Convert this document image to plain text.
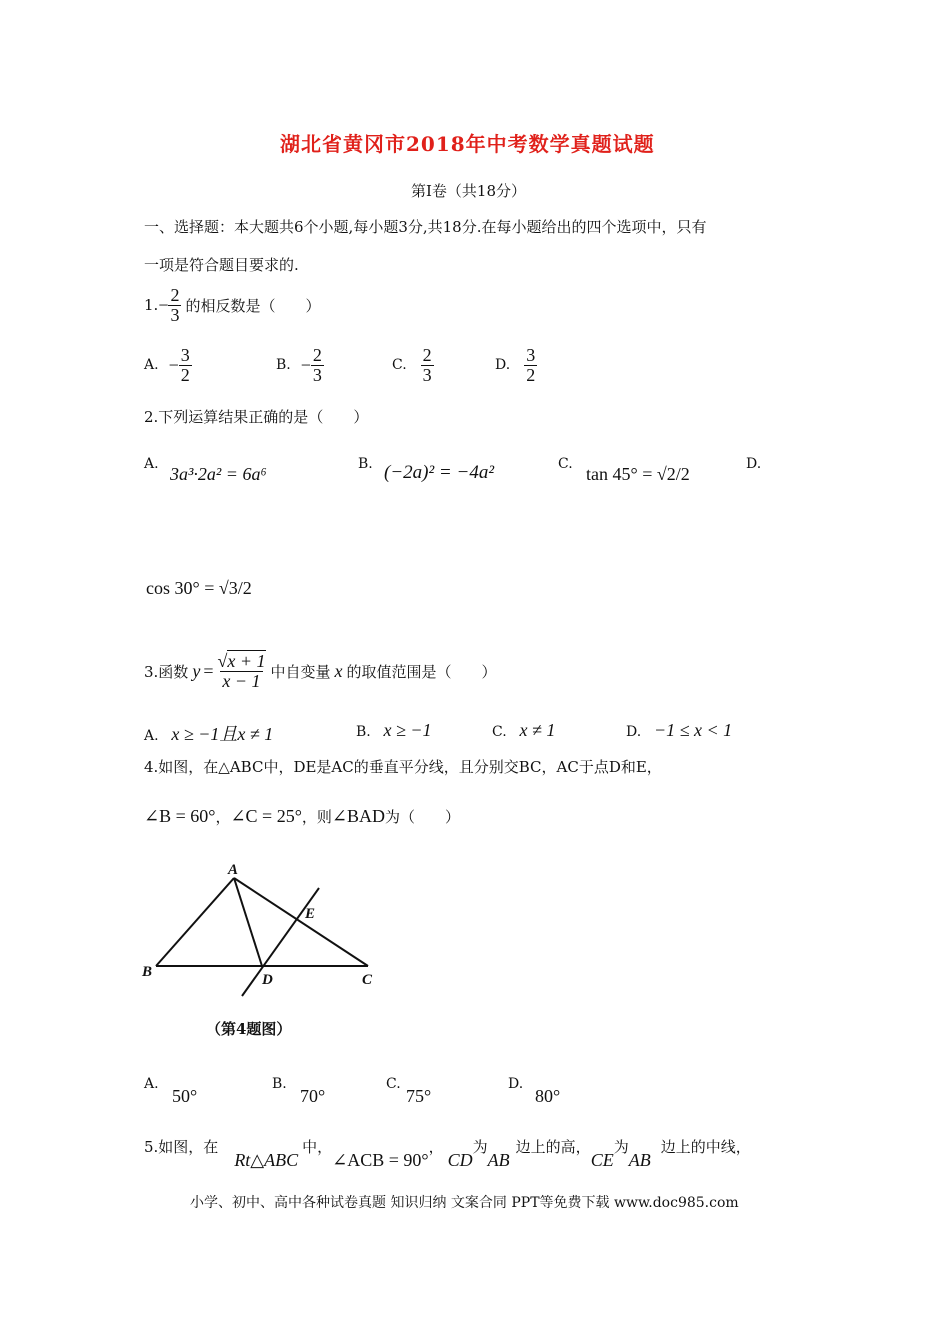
湖北省黄冈市2018年中考数学真题试题
第Ⅰ卷（共18分）
一、选择题：本大题共6个小题,每小题3分,共18分.在每小题给出的四个选项中，只有
一项是符合题目要求的.
1. − $\frac{2}{3}$ 的相反数是（　　）
A. − $\frac{3}{2}$	B. − $\frac{2}{3}$	C. $\frac{2}{3}$	D. $\frac{3}{2}$
2.下列运算结果正确的是（　　）
A. 3a³·2a² = 6a⁶	B. (−2a)² = −4a²	C. tan 45° = √2/2	D.
cos 30° = √3/2
3.函数 $y = \frac{√x + 1}{x - 1}$ 中自变量 x 的取值范围是（　　）
A. x ≥ −1且x ≠ 1	B. x ≥ −1	C. x ≠ 1	D. −1 ≤ x < 1
4.如图，在△ABC中，DE是AC的垂直平分线，且分别交BC，AC于点D和E，
∠B = 60° ， ∠C = 25° ，则 ∠BAD 为（　　）
A
B	C
D
E
（第4题图）
A.
50°
B.
70°
C.
75°
D.
80°
5.如图，在
Rt△ABC
中，
∠ACB = 90°
，
CD
为
AB
边上的高，
CE
为
AB
边上的中线，
小学、初中、高中各种试卷真题 知识归纳 文案合同 PPT等免费下载 www.doc985.com
